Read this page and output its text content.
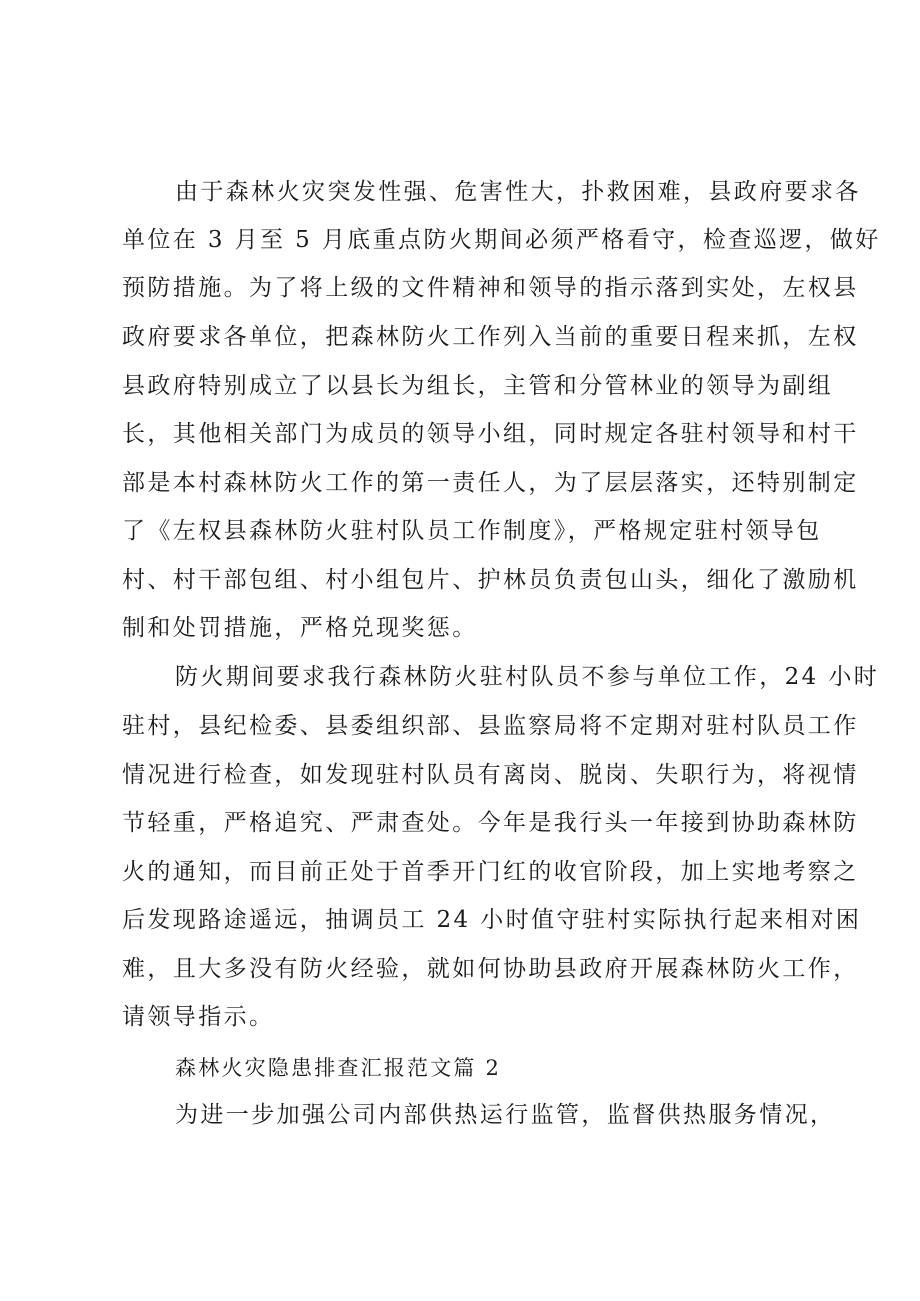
由于森林火灾突发性强、危害性大，扑救困难，县政府要求各

单位在 3 月至 5 月底重点防火期间必须严格看守，检查巡逻，做好

预防措施。为了将上级的文件精神和领导的指示落到实处，左权县

政府要求各单位，把森林防火工作列入当前的重要日程来抓，左权

县政府特别成立了以县长为组长，主管和分管林业的领导为副组

长，其他相关部门为成员的领导小组，同时规定各驻村领导和村干

部是本村森林防火工作的第一责任人，为了层层落实，还特别制定

了《左权县森林防火驻村队员工作制度》，严格规定驻村领导包

村、村干部包组、村小组包片、护林员负责包山头，细化了激励机

制和处罚措施，严格兑现奖惩。

防火期间要求我行森林防火驻村队员不参与单位工作，24 小时

驻村，县纪检委、县委组织部、县监察局将不定期对驻村队员工作

情况进行检查，如发现驻村队员有离岗、脱岗、失职行为，将视情

节轻重，严格追究、严肃查处。今年是我行头一年接到协助森林防

火的通知，而目前正处于首季开门红的收官阶段，加上实地考察之

后发现路途遥远，抽调员工 24 小时值守驻村实际执行起来相对困

难，且大多没有防火经验，就如何协助县政府开展森林防火工作，

请领导指示。

森林火灾隐患排查汇报范文篇 2

为进一步加强公司内部供热运行监管，监督供热服务情况，
